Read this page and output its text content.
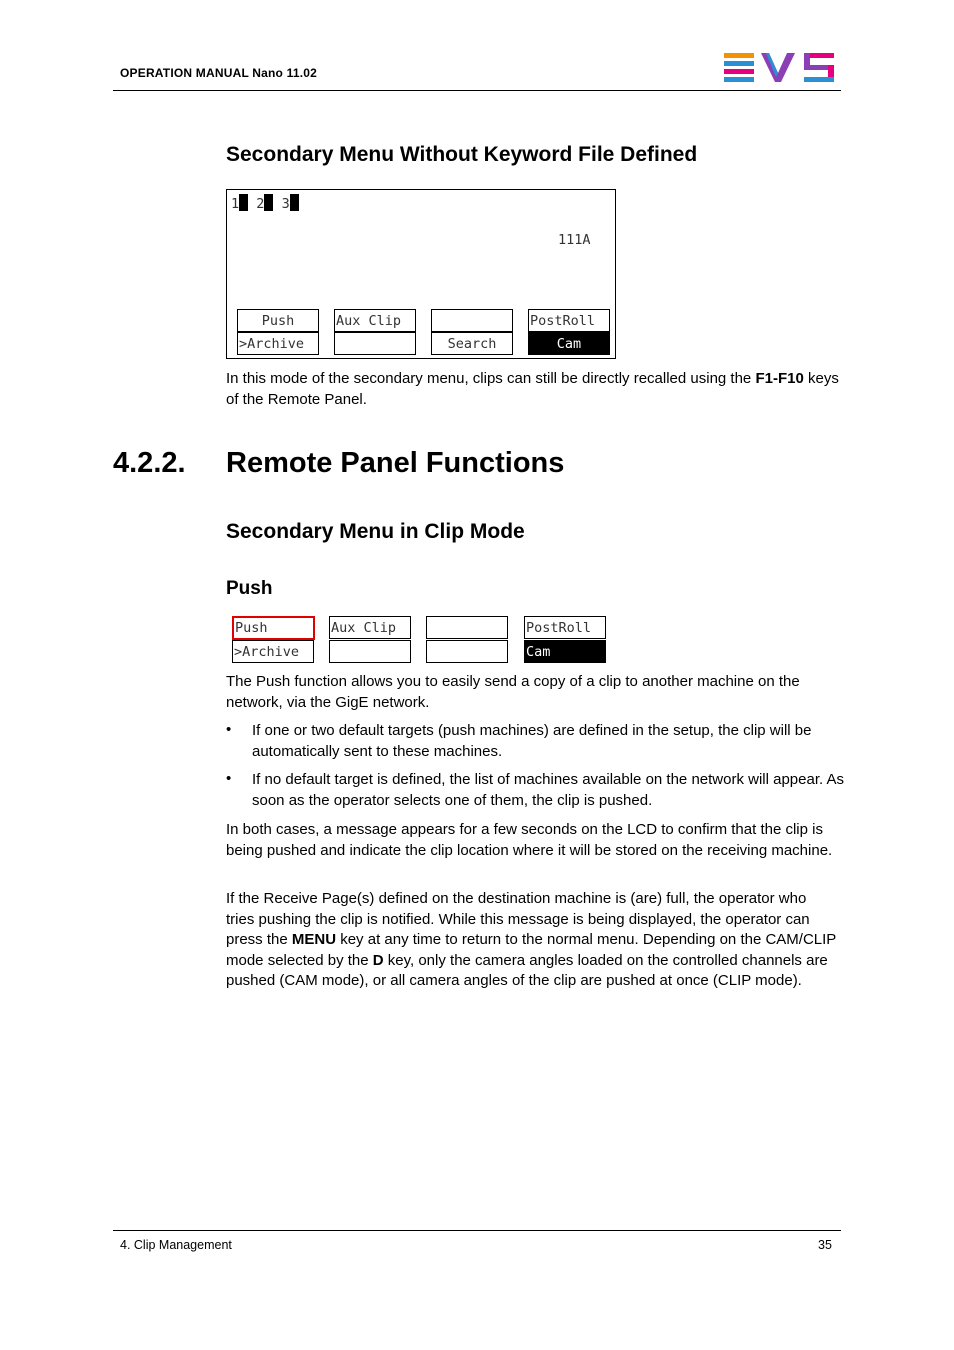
OPERATION MANUAL Nano 11.02
Secondary Menu Without Keyword File Defined
1 2 3
111A
Push
>Archive
Aux Clip
Search
PostRoll
Cam
In this mode of the secondary menu, clips can still be directly recalled using the F1-F10 keys of the Remote Panel.
4.2.2. Remote Panel Functions
Secondary Menu in Clip Mode
Push
Push
>Archive
Aux Clip	PostRoll
Cam
The Push function allows you to easily send a copy of a clip to another machine on the network, via the GigE network.
• If one or two default targets (push machines) are defined in the setup, the clip will be automatically sent to these machines.
• If no default target is defined, the list of machines available on the network will appear. As soon as the operator selects one of them, the clip is pushed.
In both cases, a message appears for a few seconds on the LCD to confirm that the clip is being pushed and indicate the clip location where it will be stored on the receiving machine.
If the Receive Page(s) defined on the destination machine is (are) full, the operator who tries pushing the clip is notified. While this message is being displayed, the operator can press the MENU key at any time to return to the normal menu. Depending on the CAM/CLIP mode selected by the D key, only the camera angles loaded on the controlled channels are pushed (CAM mode), or all camera angles of the clip are pushed at once (CLIP mode).
4. Clip Management	35
